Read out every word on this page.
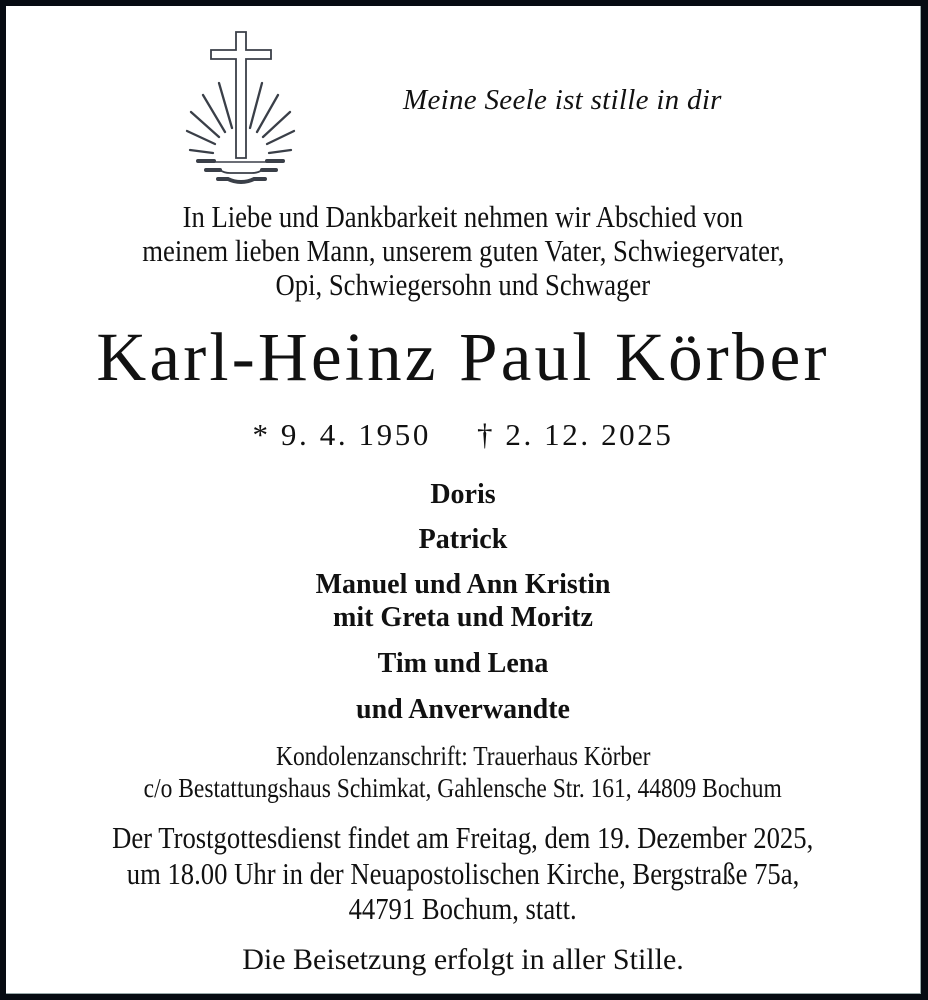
Meine Seele ist stille in dir
In Liebe und Dankbarkeit nehmen wir Abschied von
meinem lieben Mann, unserem guten Vater, Schwiegervater,
Opi, Schwiegersohn und Schwager
Karl-Heinz Paul Körber
* 9. 4. 1950 † 2. 12. 2025
Doris
Patrick
Manuel und Ann Kristin
mit Greta und Moritz
Tim und Lena
und Anverwandte
Kondolenzanschrift: Trauerhaus Körber
c/o Bestattungshaus Schimkat, Gahlensche Str. 161, 44809 Bochum
Der Trostgottesdienst findet am Freitag, dem 19. Dezember 2025,
um 18.00 Uhr in der Neuapostolischen Kirche, Bergstraße 75a,
44791 Bochum, statt.
Die Beisetzung erfolgt in aller Stille.
